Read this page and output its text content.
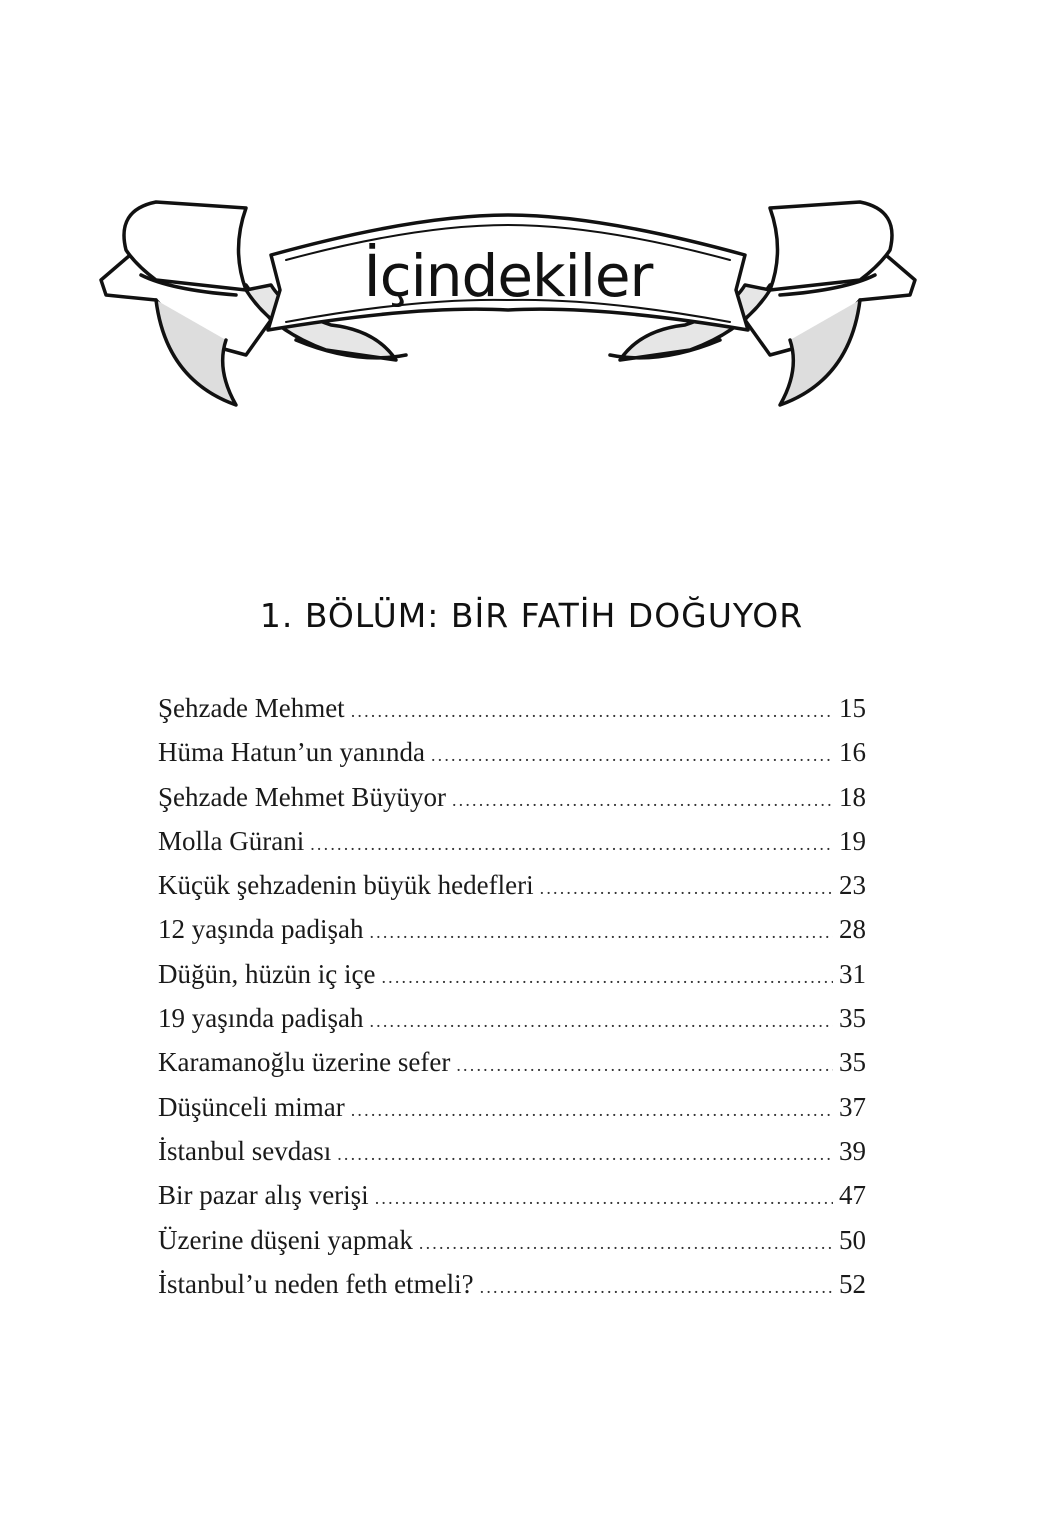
İçindekiler
1. BÖLÜM: BİR FATİH DOĞUYOR
Şehzade Mehmet .....	15
Hüma Hatun’un yanında .....	16
Şehzade Mehmet Büyüyor .....	18
Molla Gürani .....	19
Küçük şehzadenin büyük hedefleri .....	23
12 yaşında padişah .....	28
Düğün, hüzün iç içe .....	31
19 yaşında padişah .....	35
Karamanoğlu üzerine sefer .....	35
Düşünceli mimar .....	37
İstanbul sevdası .....	39
Bir pazar alış verişi .....	47
Üzerine düşeni yapmak .....	50
İstanbul’u neden feth etmeli? .....	52
